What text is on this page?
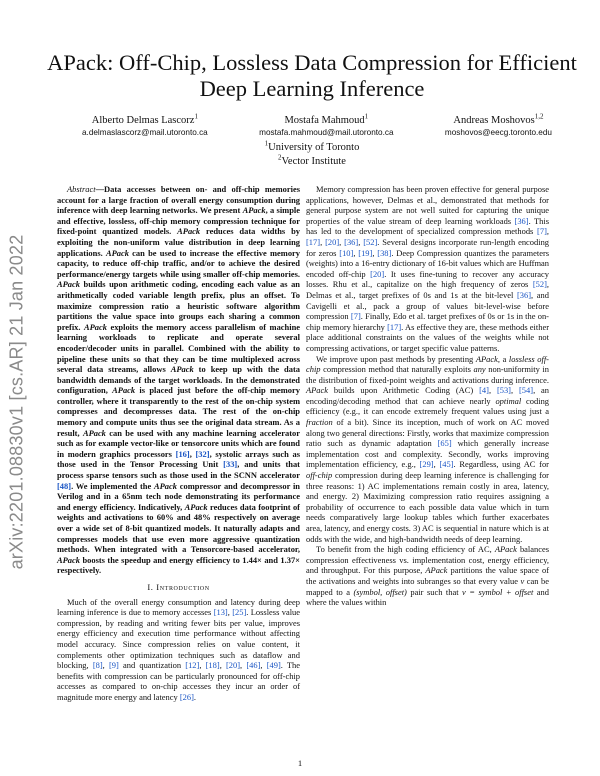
arXiv:2201.08830v1 [cs.AR] 21 Jan 2022
APack: Off-Chip, Lossless Data Compression for Efficient Deep Learning Inference
Alberto Delmas Lascorz$^1$
a.delmaslascorz@mail.utoronto.ca
Mostafa Mahmoud$^1$
mostafa.mahmoud@mail.utoronto.ca
Andreas Moshovos$^{1,2}$
moshovos@eecg.toronto.edu
$^1$University of Toronto
$^2$Vector Institute

Abstract—Data accesses between on- and off-chip memories account for a large fraction of overall energy consumption during inference with deep learning networks. We present APack, a simple and effective, lossless, off-chip memory compression technique for fixed-point quantized models. APack reduces data widths by exploiting the non-uniform value distribution in deep learning applications. APack can be used to increase the effective memory capacity, to reduce off-chip traffic, and/or to achieve the desired performance/energy targets while using smaller off-chip memories. APack builds upon arithmetic coding, encoding each value as an arithmetically coded variable length prefix, plus an offset. To maximize compression ratio a heuristic software algorithm partitions the value space into groups each sharing a common prefix. APack exploits the memory access parallelism of machine learning workloads to replicate and operate several encoder/decoder units in parallel. Combined with the ability to pipeline these units so that they can be time multiplexed across several data streams, allows APack to keep up with the data bandwidth demands of the target workloads. In the demonstrated configuration, APack is placed just before the off-chip memory controller, where it transparently to the rest of the on-chip system compresses and decompresses data. The rest of the on-chip memory and compute units thus see the original data stream. As a result, APack can be used with any machine learning accelerator such as for example vector-like or tensorcore units which are found in modern graphics processors [16], [32], systolic arrays such as those used in the Tensor Processing Unit [33], and units that process sparse tensors such as those used in the SCNN accelerator [48]. We implemented the APack compressor and decompressor in Verilog and in a 65nm tech node demonstrating its performance and energy efficiency. Indicatively, APack reduces data footprint of weights and activations to 60% and 48% respectively on average over a wide set of 8-bit quantized models. It naturally adapts and compresses models that use even more aggressive quantization methods. When integrated with a Tensorcore-based accelerator, APack boosts the speedup and energy efficiency to 1.44× and 1.37× respectively.

I. Introduction

Much of the overall energy consumption and latency during deep learning inference is due to memory accesses [13], [25]. Lossless value compression, by reading and writing fewer bits per value, improves energy efficiency and execution time performance without affecting model accuracy. Since compression relies on value content, it complements other optimization techniques such as dataflow and blocking, [8], [9] and quantization [12], [18], [20], [46], [49]. The benefits with compression can be particularly pronounced for off-chip accesses as compared to on-chip accesses they incur an order of magnitude more energy and latency [26].

Memory compression has been proven effective for general purpose applications, however, Delmas et al., demonstrated that methods for general purpose system are not well suited for capturing the unique properties of the value stream of deep learning workloads [36]. This has led to the development of specialized compression methods [7], [17], [20], [36], [52]. Several designs incorporate run-length encoding for zeros [10], [19], [38]. Deep Compression quantizes the parameters (weights) into a 16-entry dictionary of 16-bit values which are Huffman encoded off-chip [20]. It uses fine-tuning to recover any accuracy losses. Rhu et al., capitalize on the high frequency of zeros [52], Delmas et al., target prefixes of 0s and 1s at the bit-level [36], and Cavigelli et al., pack a group of values bit-level-wise before compression [7]. Finally, Edo et al. target prefixes of 0s or 1s in the on-chip memory hierarchy [17]. As effective they are, these methods either place additional constraints on the values of the weights while not compressing activations, or target specific value patterns.

We improve upon past methods by presenting APack, a lossless off-chip compression method that naturally exploits any non-uniformity in the distribution of fixed-point weights and activations during inference. APack builds upon Arithmetic Coding (AC) [4], [53], [54], an encoding/decoding method that can achieve nearly optimal coding efficiency (e.g., it can encode extremely frequent values using just a fraction of a bit). Since its inception, much of work on AC moved along two general directions: Firstly, works that maximize compression ratio such as dynamic adaptation [65] which generally increase implementation cost and complexity. Secondly, works improving implementation efficiency, e.g., [29], [45]. Regardless, using AC for off-chip compression during deep learning inference is challenging for three reasons: 1) AC implementations remain costly in area, latency, and energy. 2) Maximizing compression ratio requires assigning a probability of occurrence to each possible data value which in turn needs comparatively large lookup tables which further exacerbates area, latency, and energy costs. 3) AC is sequential in nature which is at odds with the wide, and high-bandwidth needs of deep learning.

To benefit from the high coding efficiency of AC, APack balances compression effectiveness vs. implementation cost, energy efficiency, and throughput. For this purpose, APack partitions the value space of the activations and weights into subranges so that every value v can be mapped to a (symbol, offset) pair such that v = symbol + offset and where the values within

1
